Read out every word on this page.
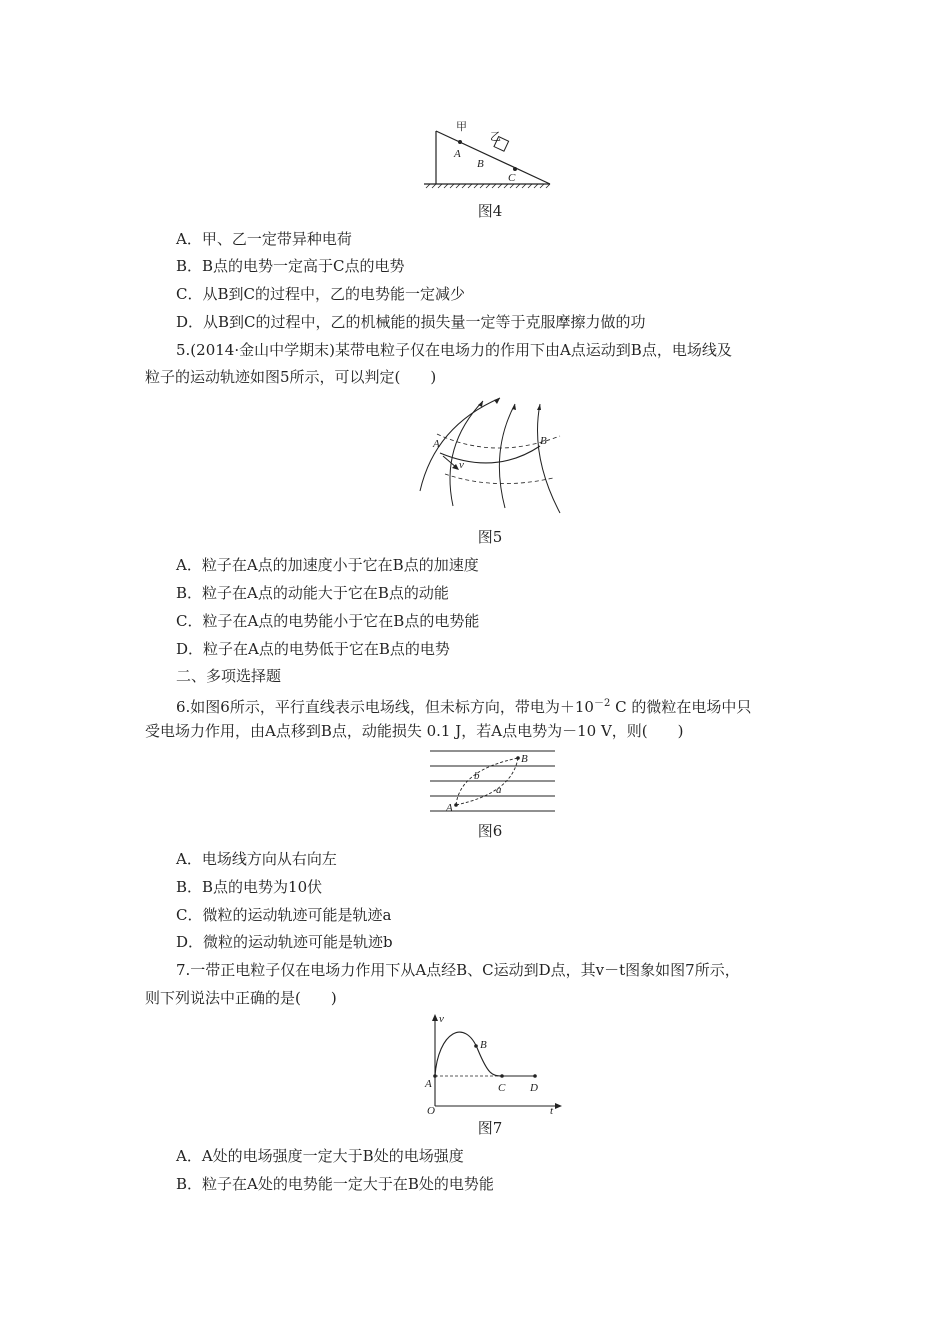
甲
乙
A
B
C
图4
A．甲、乙一定带异种电荷
B．B点的电势一定高于C点的电势
C．从B到C的过程中，乙的电势能一定减少
D．从B到C的过程中，乙的机械能的损失量一定等于克服摩擦力做的功
5.(2014·金山中学期末)某带电粒子仅在电场力的作用下由A点运动到B点，电场线及
粒子的运动轨迹如图5所示，可以判定(　　)
A	B
v
图5
A．粒子在A点的加速度小于它在B点的加速度
B．粒子在A点的动能大于它在B点的动能
C．粒子在A点的电势能小于它在B点的电势能
D．粒子在A点的电势低于它在B点的电势
二、多项选择题
6.如图6所示，平行直线表示电场线，但未标方向，带电为$+10^{-2}$ C 的微粒在电场中只
受电场力作用，由A点移到B点，动能损失 0.1 J，若A点电势为－10 V，则(　　)
A
B
b
a
图6
A．电场线方向从右向左
B．B点的电势为10伏
C．微粒的运动轨迹可能是轨迹a
D．微粒的运动轨迹可能是轨迹b
7.一带正电粒子仅在电场力作用下从A点经B、C运动到D点，其v－t图象如图7所示，
则下列说法中正确的是(　　)
v
t
O
A
B
C D
图7
A．A处的电场强度一定大于B处的电场强度
B．粒子在A处的电势能一定大于在B处的电势能
